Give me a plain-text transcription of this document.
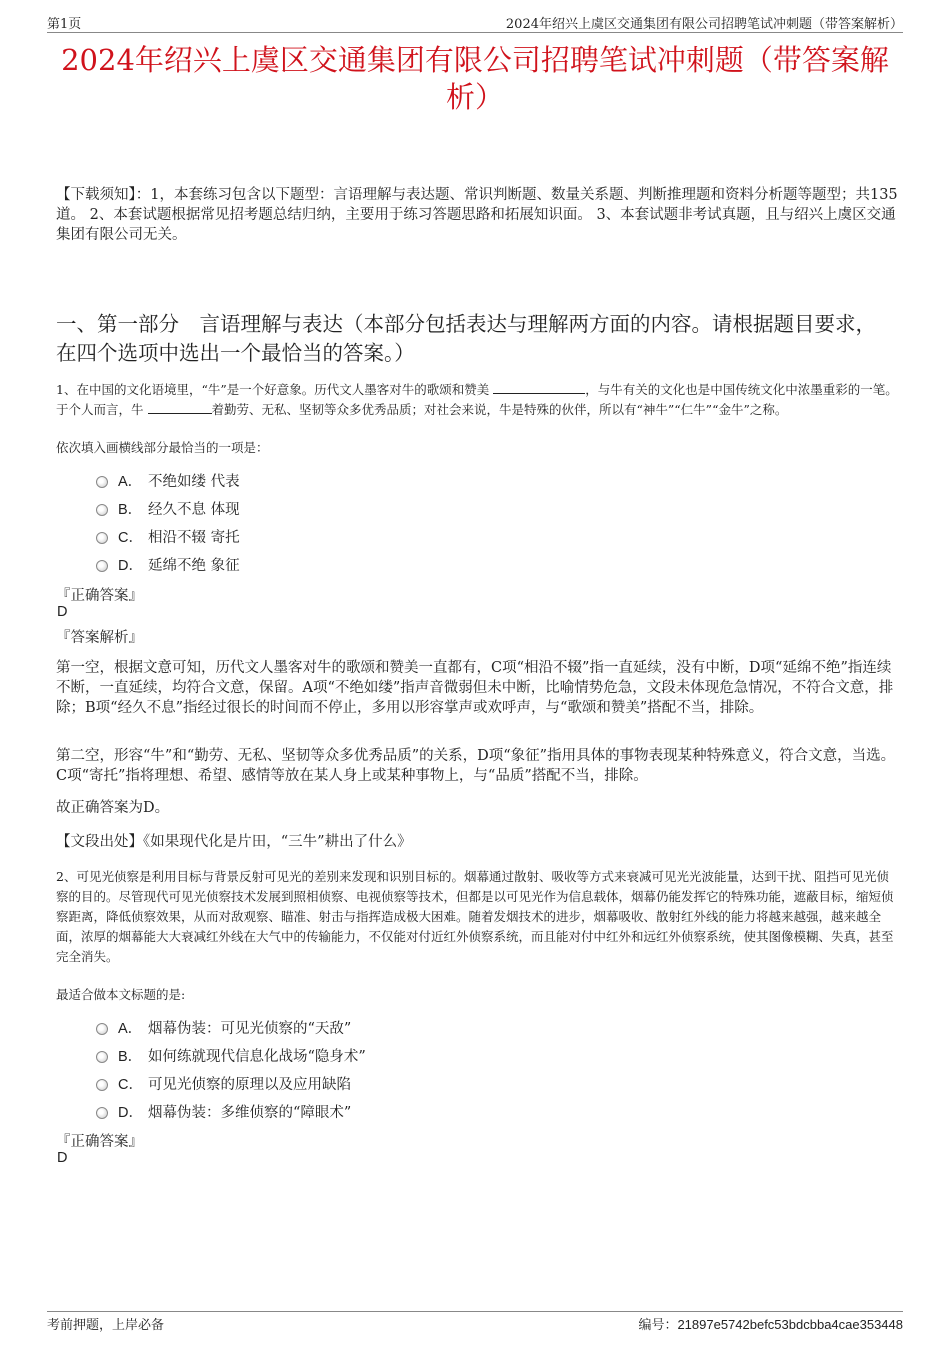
第1页	2024年绍兴上虞区交通集团有限公司招聘笔试冲刺题（带答案解析）
2024年绍兴上虞区交通集团有限公司招聘笔试冲刺题（带答案解析）
【下载须知】：1，本套练习包含以下题型：言语理解与表达题、常识判断题、数量关系题、判断推理题和资料分析题等题型；共135道。 2、本套试题根据常见招考题总结归纳，主要用于练习答题思路和拓展知识面。 3、本套试题非考试真题，且与绍兴上虞区交通集团有限公司无关。
一、第一部分　言语理解与表达（本部分包括表达与理解两方面的内容。请根据题目要求，在四个选项中选出一个最恰当的答案。）
1、在中国的文化语境里，“牛”是一个好意象。历代文人墨客对牛的歌颂和赞美	，与牛有关的文化也是中国传统文化中浓墨重彩的一笔。于个人而言，牛	着勤劳、无私、坚韧等众多优秀品质；对社会来说，牛是特殊的伙伴，所以有“神牛”“仁牛”“金牛”之称。
依次填入画横线部分最恰当的一项是：
A． 不绝如缕 代表
B． 经久不息 体现
C． 相沿不辍 寄托
D． 延绵不绝 象征
『正确答案』
D
『答案解析』
第一空，根据文意可知，历代文人墨客对牛的歌颂和赞美一直都有，C项“相沿不辍”指一直延续，没有中断，D项“延绵不绝”指连续不断，一直延续，均符合文意，保留。A项“不绝如缕”指声音微弱但未中断，比喻情势危急，文段未体现危急情况，不符合文意，排除；B项“经久不息”指经过很长的时间而不停止，多用以形容掌声或欢呼声，与“歌颂和赞美”搭配不当，排除。
第二空，形容“牛”和“勤劳、无私、坚韧等众多优秀品质”的关系，D项“象征”指用具体的事物表现某种特殊意义，符合文意，当选。C项“寄托”指将理想、希望、感情等放在某人身上或某种事物上，与“品质”搭配不当，排除。
故正确答案为D。
【文段出处】《如果现代化是片田，“三牛”耕出了什么》
2、可见光侦察是利用目标与背景反射可见光的差别来发现和识别目标的。烟幕通过散射、吸收等方式来衰减可见光光波能量，达到干扰、阻挡可见光侦察的目的。尽管现代可见光侦察技术发展到照相侦察、电视侦察等技术，但都是以可见光作为信息载体，烟幕仍能发挥它的特殊功能，遮蔽目标，缩短侦察距离，降低侦察效果，从而对敌观察、瞄准、射击与指挥造成极大困难。随着发烟技术的进步，烟幕吸收、散射红外线的能力将越来越强，越来越全面，浓厚的烟幕能大大衰减红外线在大气中的传输能力，不仅能对付近红外侦察系统，而且能对付中红外和远红外侦察系统，使其图像模糊、失真，甚至完全消失。
最适合做本文标题的是:
A． 烟幕伪装：可见光侦察的“天敌”
B． 如何练就现代信息化战场“隐身术”
C． 可见光侦察的原理以及应用缺陷
D． 烟幕伪装：多维侦察的“障眼术”
『正确答案』
D
考前押题，上岸必备	编号：21897e5742befc53bdcbba4cae353448
